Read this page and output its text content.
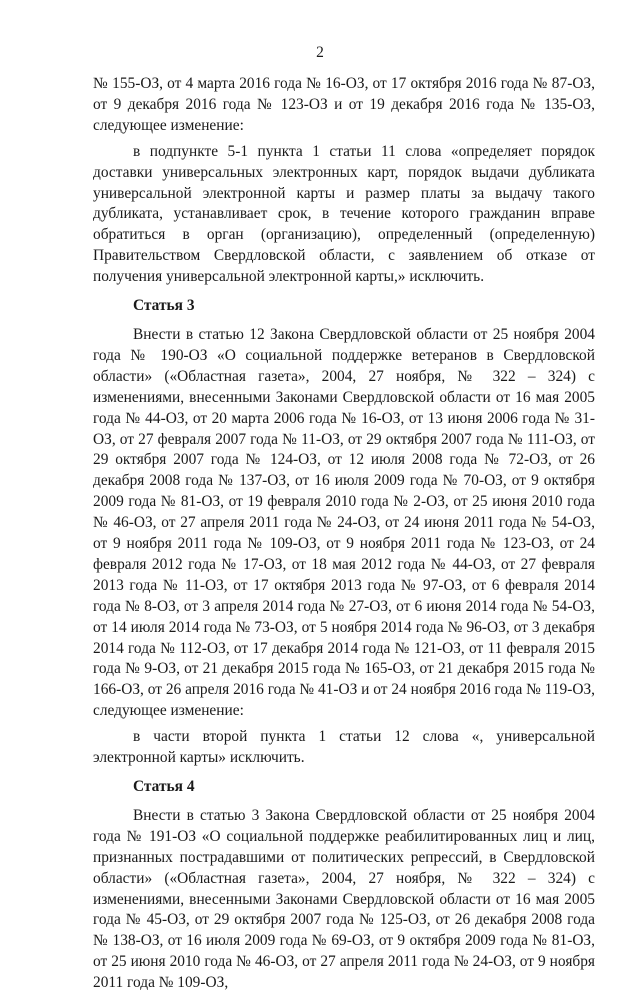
2

№ 155-ОЗ, от 4 марта 2016 года № 16-ОЗ, от 17 октября 2016 года № 87-ОЗ, от 9 декабря 2016 года № 123-ОЗ и от 19 декабря 2016 года № 135-ОЗ, следующее изменение:

в подпункте 5-1 пункта 1 статьи 11 слова «определяет порядок доставки универсальных электронных карт, порядок выдачи дубликата универсальной электронной карты и размер платы за выдачу такого дубликата, устанавливает срок, в течение которого гражданин вправе обратиться в орган (организацию), определенный (определенную) Правительством Свердловской области, с заявлением об отказе от получения универсальной электронной карты,» исключить.

Статья 3

Внести в статью 12 Закона Свердловской области от 25 ноября 2004 года № 190-ОЗ «О социальной поддержке ветеранов в Свердловской области» («Областная газета», 2004, 27 ноября, № 322 – 324) с изменениями, внесенными Законами Свердловской области от 16 мая 2005 года № 44-ОЗ, от 20 марта 2006 года № 16-ОЗ, от 13 июня 2006 года № 31-ОЗ, от 27 февраля 2007 года № 11-ОЗ, от 29 октября 2007 года № 111-ОЗ, от 29 октября 2007 года № 124-ОЗ, от 12 июля 2008 года № 72-ОЗ, от 26 декабря 2008 года № 137-ОЗ, от 16 июля 2009 года № 70-ОЗ, от 9 октября 2009 года № 81-ОЗ, от 19 февраля 2010 года № 2-ОЗ, от 25 июня 2010 года № 46-ОЗ, от 27 апреля 2011 года № 24-ОЗ, от 24 июня 2011 года № 54-ОЗ, от 9 ноября 2011 года № 109-ОЗ, от 9 ноября 2011 года № 123-ОЗ, от 24 февраля 2012 года № 17-ОЗ, от 18 мая 2012 года № 44-ОЗ, от 27 февраля 2013 года № 11-ОЗ, от 17 октября 2013 года № 97-ОЗ, от 6 февраля 2014 года № 8-ОЗ, от 3 апреля 2014 года № 27-ОЗ, от 6 июня 2014 года № 54-ОЗ, от 14 июля 2014 года № 73-ОЗ, от 5 ноября 2014 года № 96-ОЗ, от 3 декабря 2014 года № 112-ОЗ, от 17 декабря 2014 года № 121-ОЗ, от 11 февраля 2015 года № 9-ОЗ, от 21 декабря 2015 года № 165-ОЗ, от 21 декабря 2015 года № 166-ОЗ, от 26 апреля 2016 года № 41-ОЗ и от 24 ноября 2016 года № 119-ОЗ, следующее изменение:

в части второй пункта 1 статьи 12 слова «, универсальной электронной карты» исключить.

Статья 4

Внести в статью 3 Закона Свердловской области от 25 ноября 2004 года № 191-ОЗ «О социальной поддержке реабилитированных лиц и лиц, признанных пострадавшими от политических репрессий, в Свердловской области» («Областная газета», 2004, 27 ноября, № 322 – 324) с изменениями, внесенными Законами Свердловской области от 16 мая 2005 года № 45-ОЗ, от 29 октября 2007 года № 125-ОЗ, от 26 декабря 2008 года № 138-ОЗ, от 16 июля 2009 года № 69-ОЗ, от 9 октября 2009 года № 81-ОЗ, от 25 июня 2010 года № 46-ОЗ, от 27 апреля 2011 года № 24-ОЗ, от 9 ноября 2011 года № 109-ОЗ,
